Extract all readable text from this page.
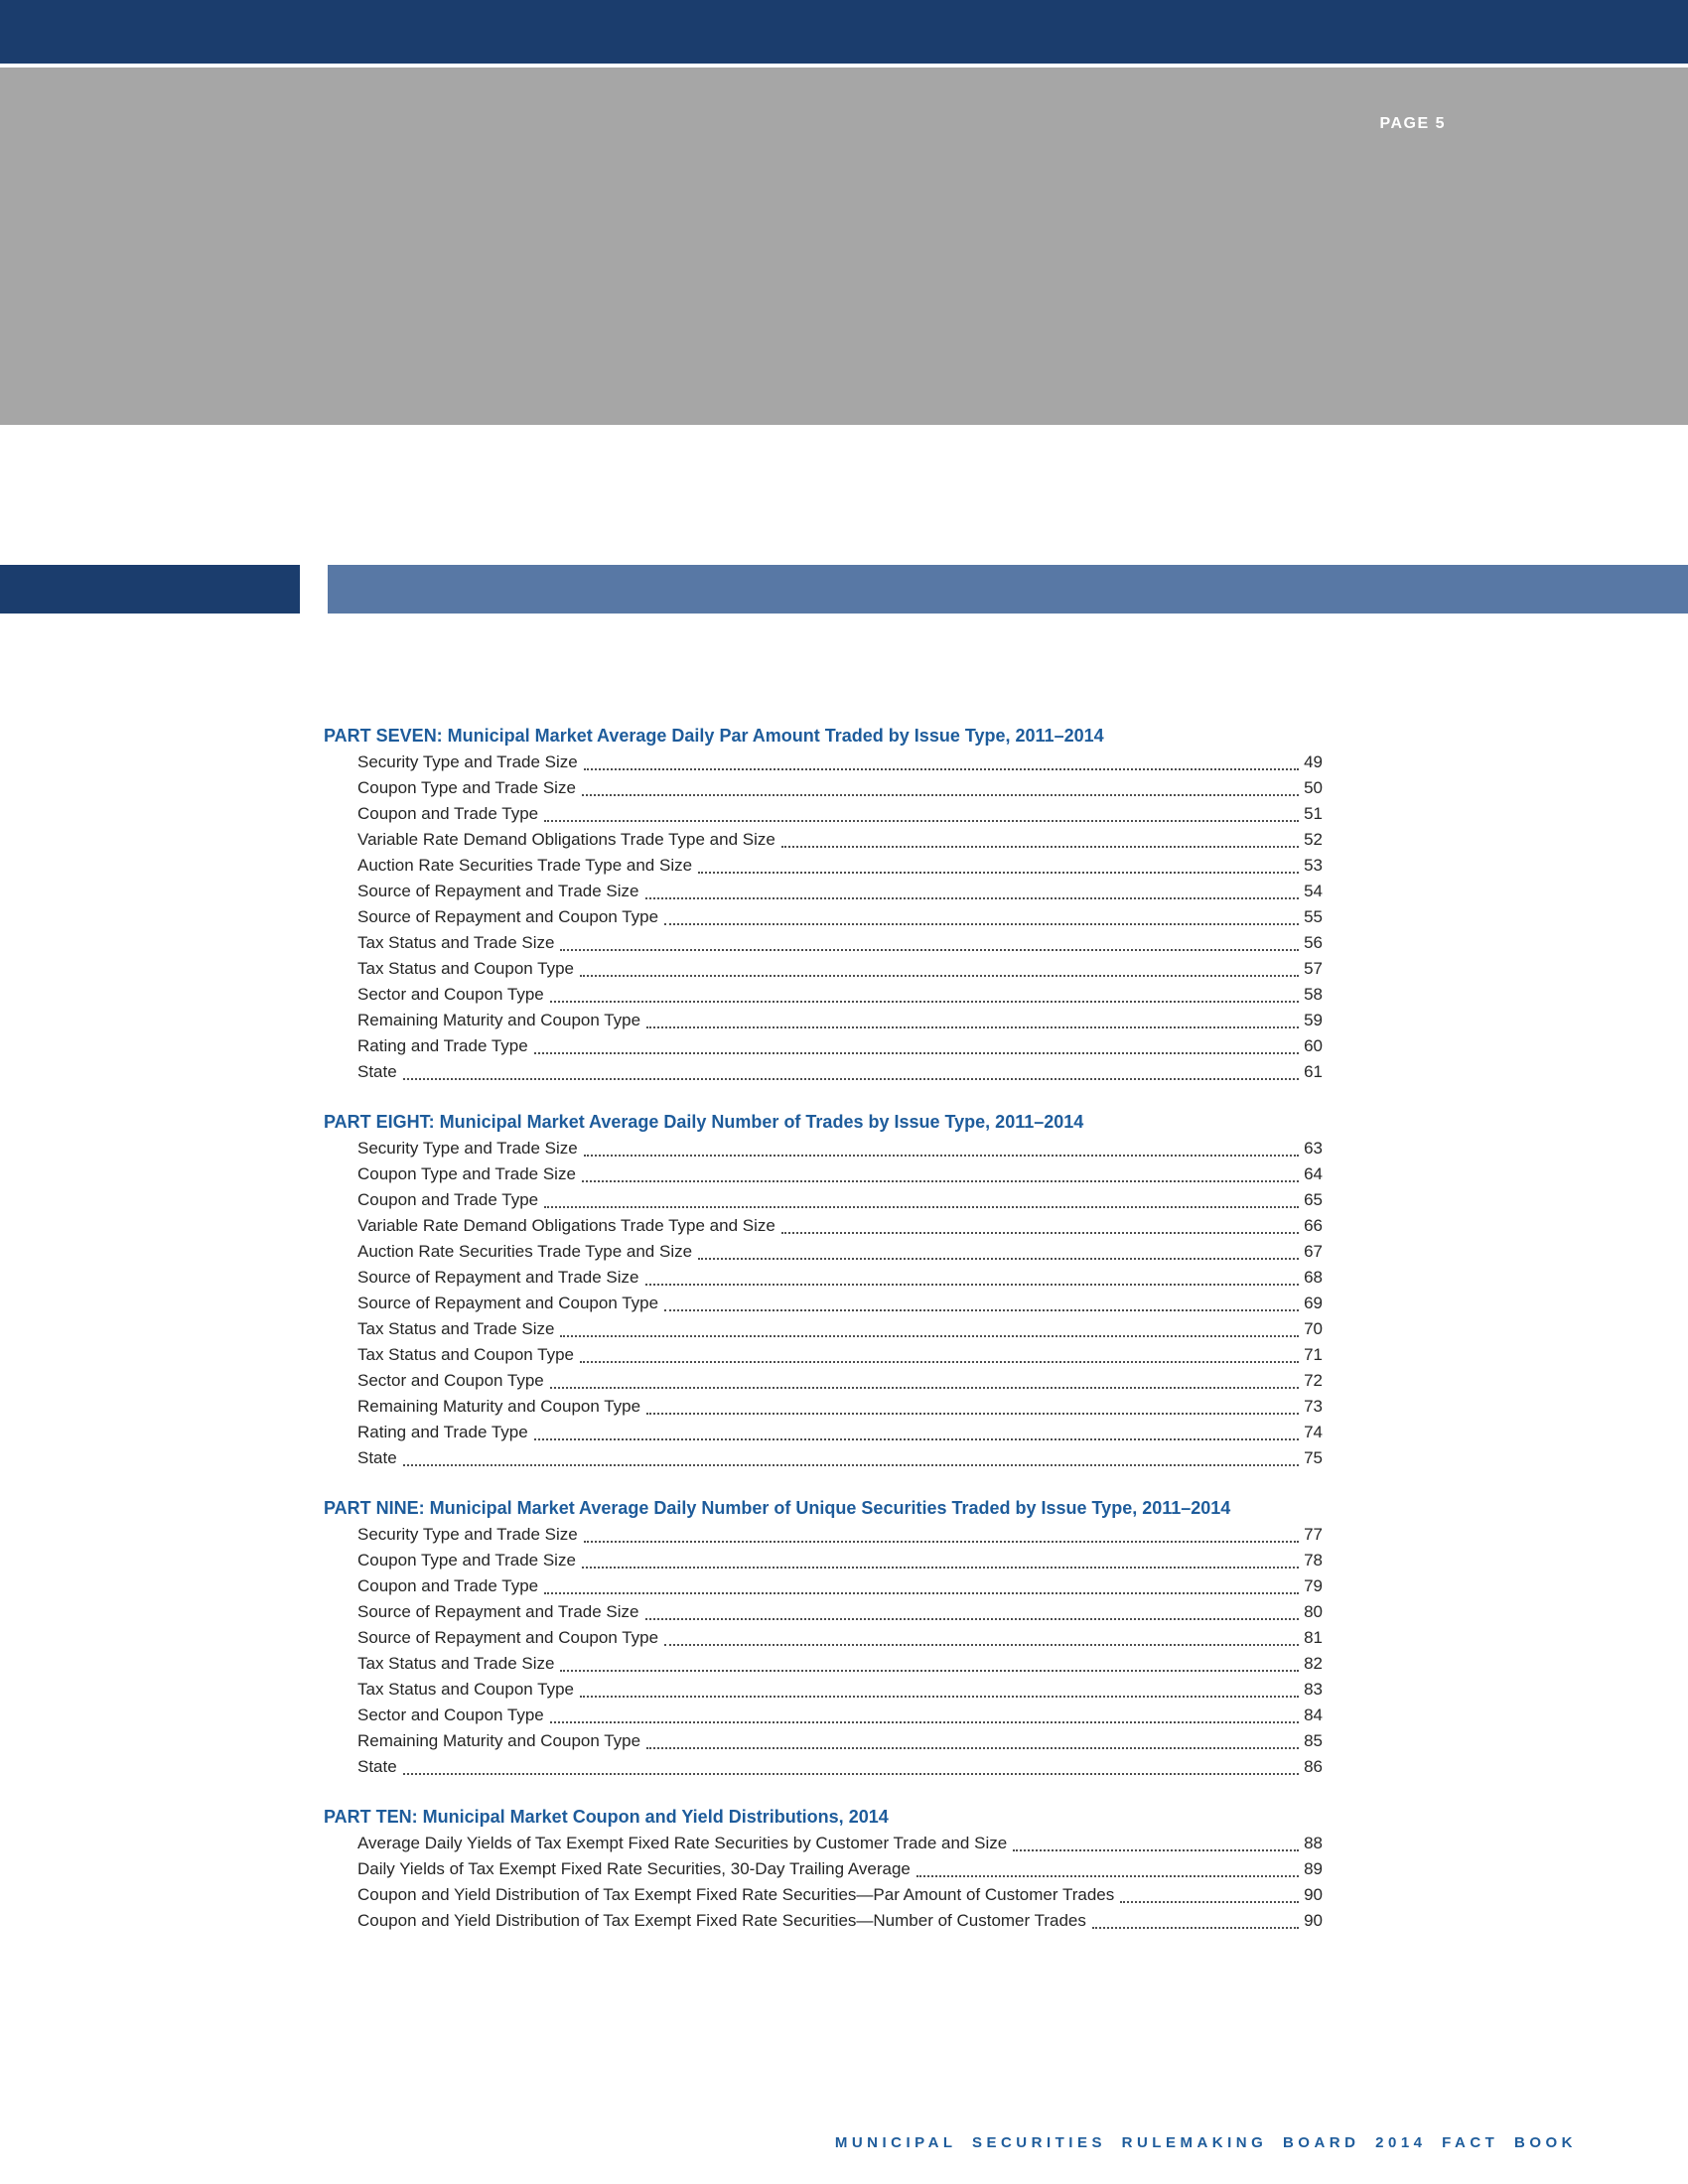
PAGE 5
PART SEVEN: Municipal Market Average Daily Par Amount Traded by Issue Type, 2011–2014
Security Type and Trade Size	49
Coupon Type and Trade Size	50
Coupon and Trade Type	51
Variable Rate Demand Obligations Trade Type and Size	52
Auction Rate Securities Trade Type and Size	53
Source of Repayment and Trade Size	54
Source of Repayment and Coupon Type	55
Tax Status and Trade Size	56
Tax Status and Coupon Type	57
Sector and Coupon Type	58
Remaining Maturity and Coupon Type	59
Rating and Trade Type	60
State	61
PART EIGHT: Municipal Market Average Daily Number of Trades by Issue Type, 2011–2014
Security Type and Trade Size	63
Coupon Type and Trade Size	64
Coupon and Trade Type	65
Variable Rate Demand Obligations Trade Type and Size	66
Auction Rate Securities Trade Type and Size	67
Source of Repayment and Trade Size	68
Source of Repayment and Coupon Type	69
Tax Status and Trade Size	70
Tax Status and Coupon Type	71
Sector and Coupon Type	72
Remaining Maturity and Coupon Type	73
Rating and Trade Type	74
State	75
PART NINE: Municipal Market Average Daily Number of Unique Securities Traded by Issue Type, 2011–2014
Security Type and Trade Size	77
Coupon Type and Trade Size	78
Coupon and Trade Type	79
Source of Repayment and Trade Size	80
Source of Repayment and Coupon Type	81
Tax Status and Trade Size	82
Tax Status and Coupon Type	83
Sector and Coupon Type	84
Remaining Maturity and Coupon Type	85
State	86
PART TEN: Municipal Market Coupon and Yield Distributions, 2014
Average Daily Yields of Tax Exempt Fixed Rate Securities by Customer Trade and Size	88
Daily Yields of Tax Exempt Fixed Rate Securities, 30-Day Trailing Average	89
Coupon and Yield Distribution of Tax Exempt Fixed Rate Securities—Par Amount of Customer Trades	90
Coupon and Yield Distribution of Tax Exempt Fixed Rate Securities—Number of Customer Trades	90
MUNICIPAL SECURITIES RULEMAKING BOARD 2014 FACT BOOK
